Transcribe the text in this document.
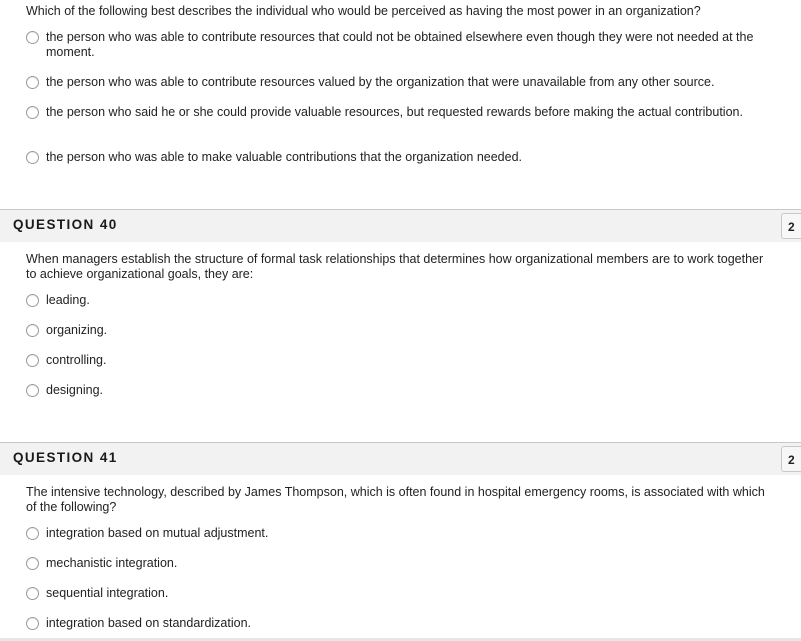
Which of the following best describes the individual who would be perceived as having the most power in an organization?
the person who was able to contribute resources that could not be obtained elsewhere even though they were not needed at the moment.
the person who was able to contribute resources valued by the organization that were unavailable from any other source.
the person who said he or she could provide valuable resources, but requested rewards before making the actual contribution.
the person who was able to make valuable contributions that the organization needed.
QUESTION 40	2
When managers establish the structure of formal task relationships that determines how organizational members are to work together to achieve organizational goals, they are:
leading.
organizing.
controlling.
designing.
QUESTION 41	2
The intensive technology, described by James Thompson, which is often found in hospital emergency rooms, is associated with which of the following?
integration based on mutual adjustment.
mechanistic integration.
sequential integration.
integration based on standardization.
